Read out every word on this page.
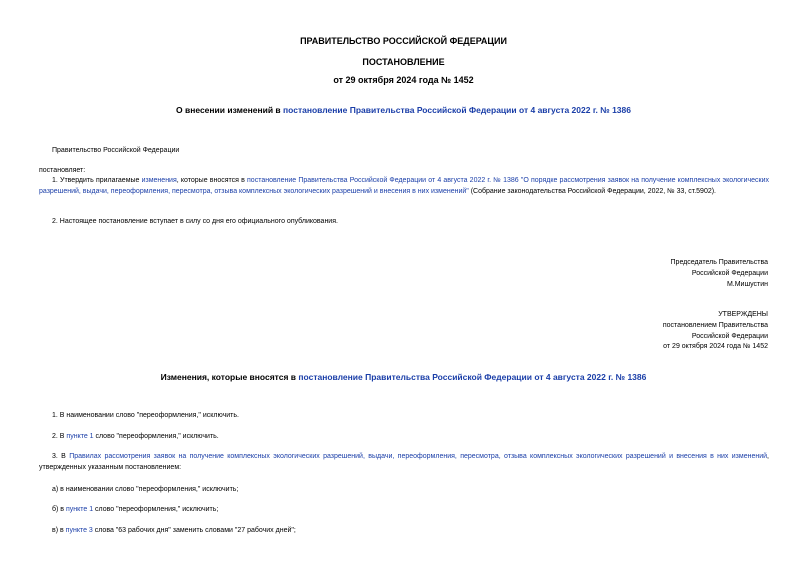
ПРАВИТЕЛЬСТВО РОССИЙСКОЙ ФЕДЕРАЦИИ
ПОСТАНОВЛЕНИЕ
от 29 октября 2024 года № 1452
О внесении изменений в постановление Правительства Российской Федерации от 4 августа 2022 г. № 1386
Правительство Российской Федерации
постановляет:
1. Утвердить прилагаемые изменения, которые вносятся в постановление Правительства Российской Федерации от 4 августа 2022 г. № 1386 "О порядке рассмотрения заявок на получение комплексных экологических разрешений, выдачи, переоформления, пересмотра, отзыва комплексных экологических разрешений и внесения в них изменений" (Собрание законодательства Российской Федерации, 2022, № 33, ст.5902).
2. Настоящее постановление вступает в силу со дня его официального опубликования.
Председатель Правительства
Российской Федерации
М.Мишустин
УТВЕРЖДЕНЫ
постановлением Правительства
Российской Федерации
от 29 октября 2024 года № 1452
Изменения, которые вносятся в постановление Правительства Российской Федерации от 4 августа 2022 г. № 1386
1. В наименовании слово "переоформления," исключить.
2. В пункте 1 слово "переоформления," исключить.
3. В Правилах рассмотрения заявок на получение комплексных экологических разрешений, выдачи, переоформления, пересмотра, отзыва комплексных экологических разрешений и внесения в них изменений, утвержденных указанным постановлением:
а) в наименовании слово "переоформления," исключить;
б) в пункте 1 слово "переоформления," исключить;
в) в пункте 3 слова "63 рабочих дня" заменить словами "27 рабочих дней";
